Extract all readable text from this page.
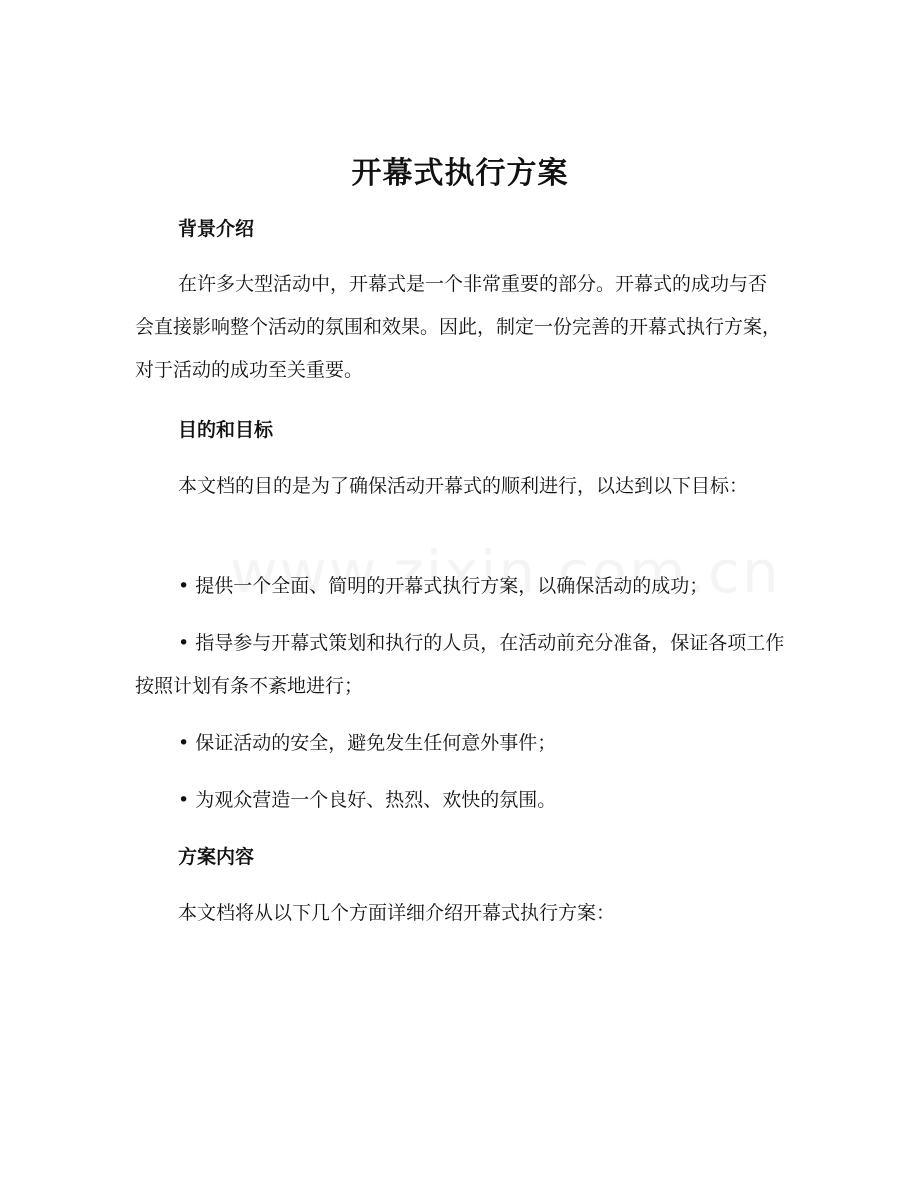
开幕式执行方案
背景介绍

在许多大型活动中，开幕式是一个非常重要的部分。开幕式的成功与否会直接影响整个活动的氛围和效果。因此，制定一份完善的开幕式执行方案，对于活动的成功至关重要。

目的和目标

本文档的目的是为了确保活动开幕式的顺利进行，以达到以下目标：

• 提供一个全面、简明的开幕式执行方案，以确保活动的成功；

• 指导参与开幕式策划和执行的人员，在活动前充分准备，保证各项工作按照计划有条不紊地进行；

• 保证活动的安全，避免发生任何意外事件；

• 为观众营造一个良好、热烈、欢快的氛围。

方案内容

本文档将从以下几个方面详细介绍开幕式执行方案：
